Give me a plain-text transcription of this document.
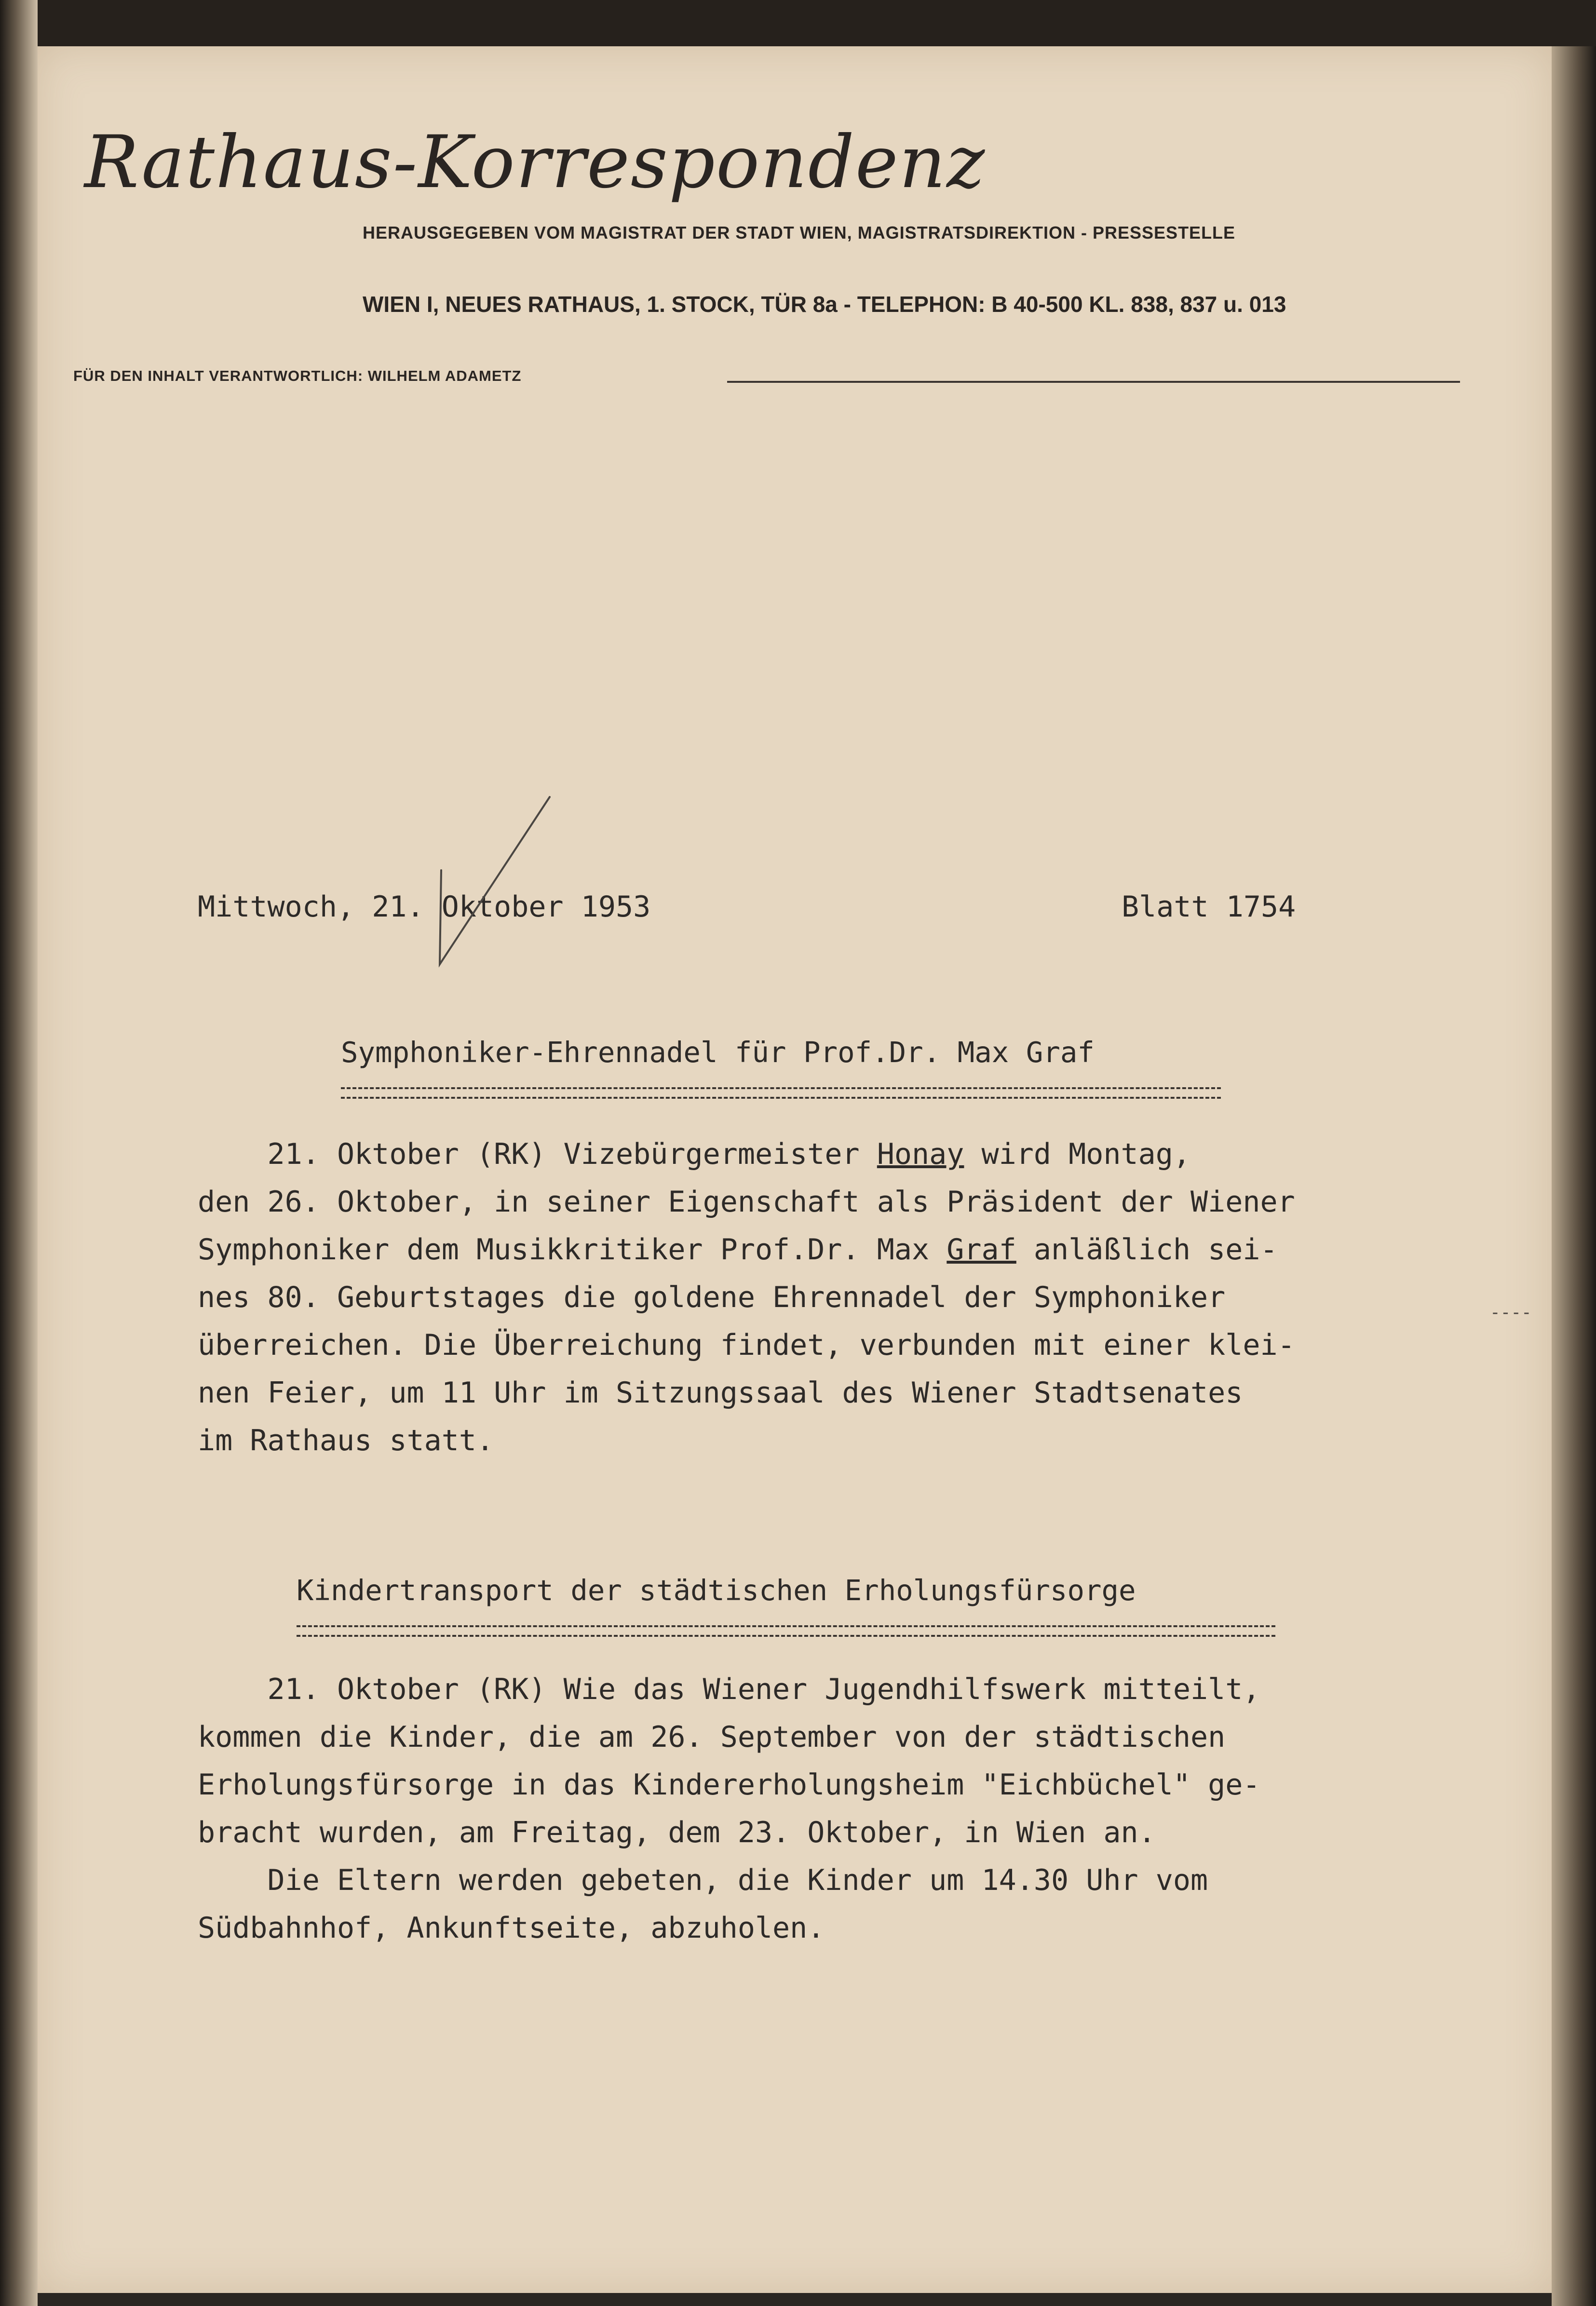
Rathaus-Korrespondenz
HERAUSGEGEBEN VOM MAGISTRAT DER STADT WIEN, MAGISTRATSDIREKTION - PRESSESTELLE
WIEN I, NEUES RATHAUS, 1. STOCK, TÜR 8a - TELEPHON: B 40-500 KL. 838, 837 u. 013
FÜR DEN INHALT VERANTWORTLICH: WILHELM ADAMETZ
Mittwoch, 21. Oktober 1953	Blatt 1754
Symphoniker-Ehrennadel für Prof.Dr. Max Graf
21. Oktober (RK) Vizebürgermeister Honay wird Montag,
den 26. Oktober, in seiner Eigenschaft als Präsident der Wiener
Symphoniker dem Musikkritiker Prof.Dr. Max Graf anläßlich sei-
nes 80. Geburtstages die goldene Ehrennadel der Symphoniker
überreichen. Die Überreichung findet, verbunden mit einer klei-
nen Feier, um 11 Uhr im Sitzungssaal des Wiener Stadtsenates
im Rathaus statt.
----
Kindertransport der städtischen Erholungsfürsorge
21. Oktober (RK) Wie das Wiener Jugendhilfswerk mitteilt,
kommen die Kinder, die am 26. September von der städtischen
Erholungsfürsorge in das Kindererholungsheim "Eichbüchel" ge-
bracht wurden, am Freitag, dem 23. Oktober, in Wien an.
Die Eltern werden gebeten, die Kinder um 14.30 Uhr vom
Südbahnhof, Ankunftseite, abzuholen.
